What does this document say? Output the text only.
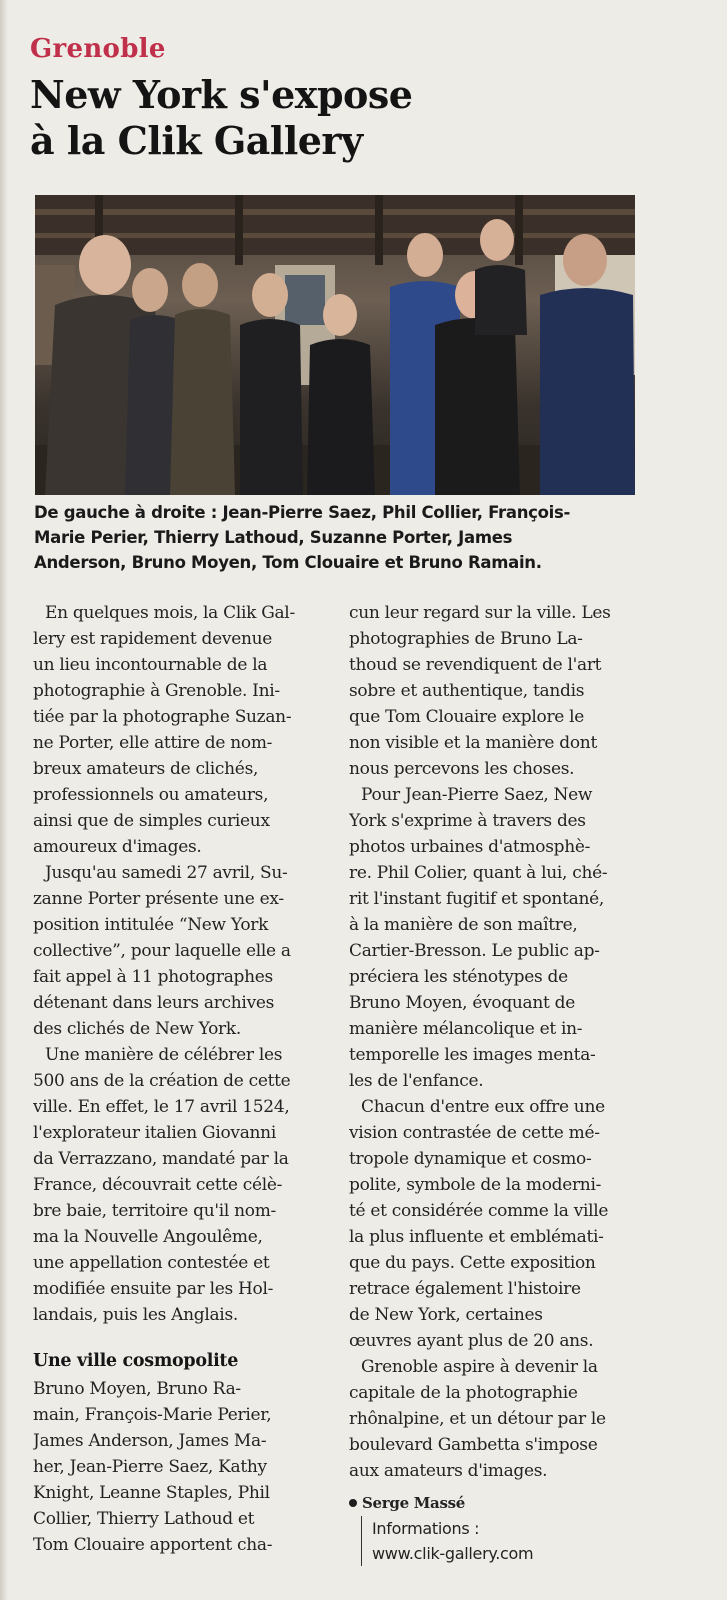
Grenoble
New York s'expose
à la Clik Gallery
De gauche à droite : Jean-Pierre Saez, Phil Collier, François-
Marie Perier, Thierry Lathoud, Suzanne Porter, James
Anderson, Bruno Moyen, Tom Clouaire et Bruno Ramain.
En quelques mois, la Clik Gal-
lery est rapidement devenue
un lieu incontournable de la
photographie à Grenoble. Ini-
tiée par la photographe Suzan-
ne Porter, elle attire de nom-
breux amateurs de clichés,
professionnels ou amateurs,
ainsi que de simples curieux
amoureux d'images.
Jusqu'au samedi 27 avril, Su-
zanne Porter présente une ex-
position intitulée “New York
collective”, pour laquelle elle a
fait appel à 11 photographes
détenant dans leurs archives
des clichés de New York.
Une manière de célébrer les
500 ans de la création de cette
ville. En effet, le 17 avril 1524,
l'explorateur italien Giovanni
da Verrazzano, mandaté par la
France, découvrait cette célè-
bre baie, territoire qu'il nom-
ma la Nouvelle Angoulême,
une appellation contestée et
modifiée ensuite par les Hol-
landais, puis les Anglais.
Une ville cosmopolite
Bruno Moyen, Bruno Ra-
main, François-Marie Perier,
James Anderson, James Ma-
her, Jean-Pierre Saez, Kathy
Knight, Leanne Staples, Phil
Collier, Thierry Lathoud et
Tom Clouaire apportent cha-
cun leur regard sur la ville. Les
photographies de Bruno La-
thoud se revendiquent de l'art
sobre et authentique, tandis
que Tom Clouaire explore le
non visible et la manière dont
nous percevons les choses.
Pour Jean-Pierre Saez, New
York s'exprime à travers des
photos urbaines d'atmosphè-
re. Phil Colier, quant à lui, ché-
rit l'instant fugitif et spontané,
à la manière de son maître,
Cartier-Bresson. Le public ap-
préciera les sténotypes de
Bruno Moyen, évoquant de
manière mélancolique et in-
temporelle les images menta-
les de l'enfance.
Chacun d'entre eux offre une
vision contrastée de cette mé-
tropole dynamique et cosmo-
polite, symbole de la moderni-
té et considérée comme la ville
la plus influente et emblémati-
que du pays. Cette exposition
retrace également l'histoire
de New York, certaines
œuvres ayant plus de 20 ans.
Grenoble aspire à devenir la
capitale de la photographie
rhônalpine, et un détour par le
boulevard Gambetta s'impose
aux amateurs d'images.
Serge Massé
Informations :
www.clik-gallery.com
